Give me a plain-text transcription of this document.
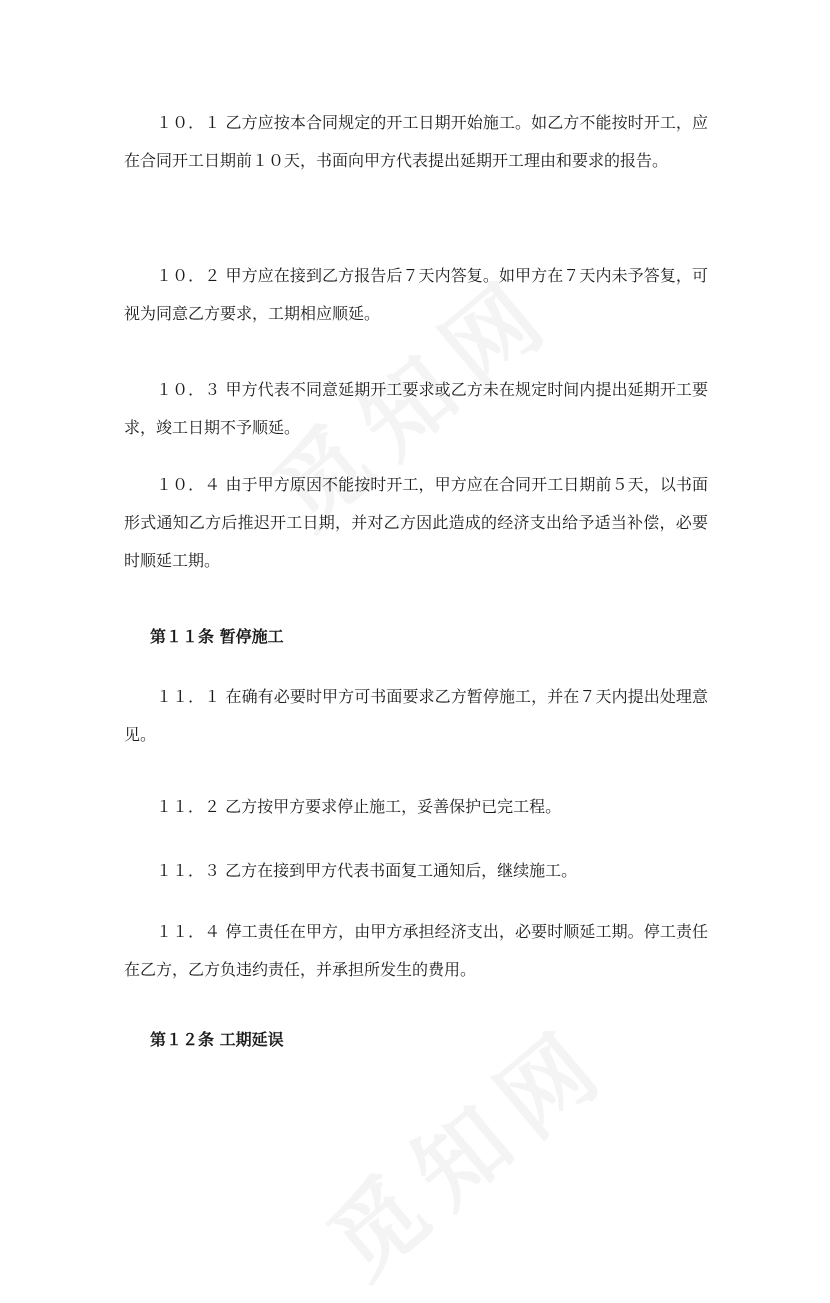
１０．１ 乙方应按本合同规定的开工日期开始施工。如乙方不能按时开工，应在合同开工日期前１０天，书面向甲方代表提出延期开工理由和要求的报告。

１０．２ 甲方应在接到乙方报告后７天内答复。如甲方在７天内未予答复，可视为同意乙方要求，工期相应顺延。

１０．３ 甲方代表不同意延期开工要求或乙方未在规定时间内提出延期开工要求，竣工日期不予顺延。

１０．４ 由于甲方原因不能按时开工，甲方应在合同开工日期前５天，以书面形式通知乙方后推迟开工日期，并对乙方因此造成的经济支出给予适当补偿，必要时顺延工期。

第１１条 暂停施工

１１．１ 在确有必要时甲方可书面要求乙方暂停施工，并在７天内提出处理意见。

１１．２ 乙方按甲方要求停止施工，妥善保护已完工程。

１１．３ 乙方在接到甲方代表书面复工通知后，继续施工。

１１．４ 停工责任在甲方，由甲方承担经济支出，必要时顺延工期。停工责任在乙方，乙方负违约责任，并承担所发生的费用。

第１２条 工期延误
